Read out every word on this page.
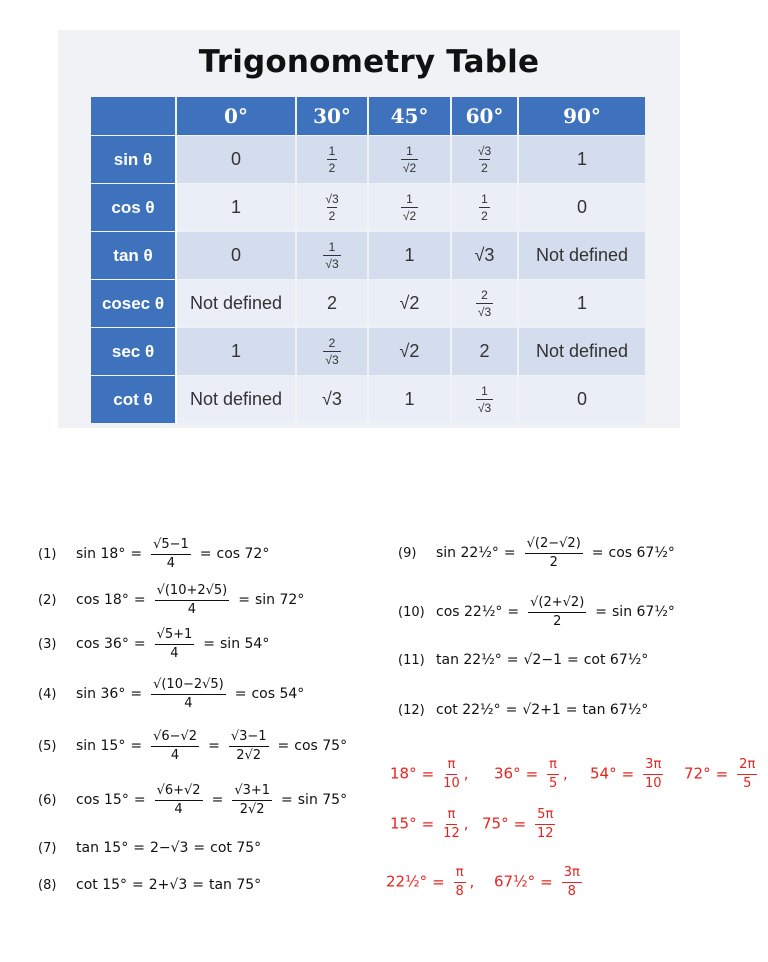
Trigonometry Table
	0°	30°	45°	60°	90°
sin θ	0	$\frac{1}{2}$	$\frac{1}{√2}$	$\frac{√3}{2}$	1
cos θ	1	$\frac{√3}{2}$	$\frac{1}{√2}$	$\frac{1}{2}$	0
tan θ	0	$\frac{1}{√3}$	1	√3	Not defined
cosec θ	Not defined	2	√2	$\frac{2}{√3}$	1
sec θ	1	$\frac{2}{√3}$	√2	2	Not defined
cot θ	Not defined	√3	1	$\frac{1}{√3}$	0
(1) $\sin 18^\circ = \frac{√5-1}{4} = \cos 72^\circ$
(2) $\cos 18^\circ = \frac{√(10+2√5)}{4} = \sin 72^\circ$
(3) $\cos 36^\circ = \frac{√5+1}{4} = \sin 54^\circ$
(4) $\sin 36^\circ = \frac{√(10-2√5)}{4} = \cos 54^\circ$
(5) $\sin 15^\circ = \frac{√6-√2}{4} = \frac{√3-1}{2√2} = \cos 75^\circ$
(6) $\cos 15^\circ = \frac{√6+√2}{4} = \frac{√3+1}{2√2} = \sin 75^\circ$
(7) tan 15° = 2−√3 = cot 75°
(8) cot 15° = 2+√3 = tan 75°
(9) sin 22½° = $\frac{√(2-√2)}{2} = \cos$ 67½°
(10) cos 22½° = $\frac{√(2+√2)}{2} = \sin$ 67½°
(11) tan 22½° = √2−1 = cot 67½°
(12) cot 22½° = √2+1 = tan 67½°
$18^\circ = \frac{\pi}{10}$ , $36^\circ = \frac{\pi}{5}$ , $54^\circ = \frac{3\pi}{10} 72^\circ = \frac{2\pi}{5}$
$15^\circ = \frac{\pi}{12}$ , $75^\circ = \frac{5\pi}{12}$
22½° = $\frac{\pi}{8}$ , 67½° = $\frac{3\pi}{8}$
